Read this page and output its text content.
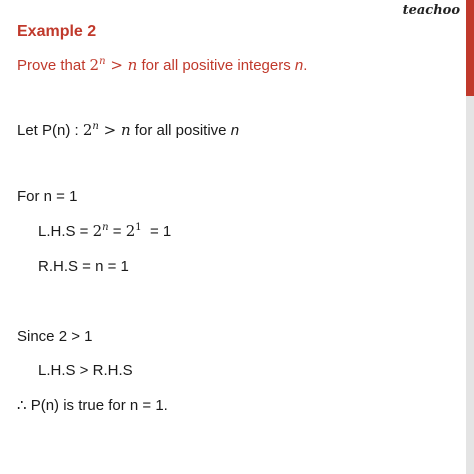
teachoo
Example 2
Prove that $2^n > n$ for all positive integers n.
Let P(n) : $2^n > n$ for all positive n
For n = 1
$L.H.S = 2^n = 2^1 = 1$
R.H.S = n = 1
Since 2 > 1
L.H.S > R.H.S
∴ P(n) is true for n = 1.
